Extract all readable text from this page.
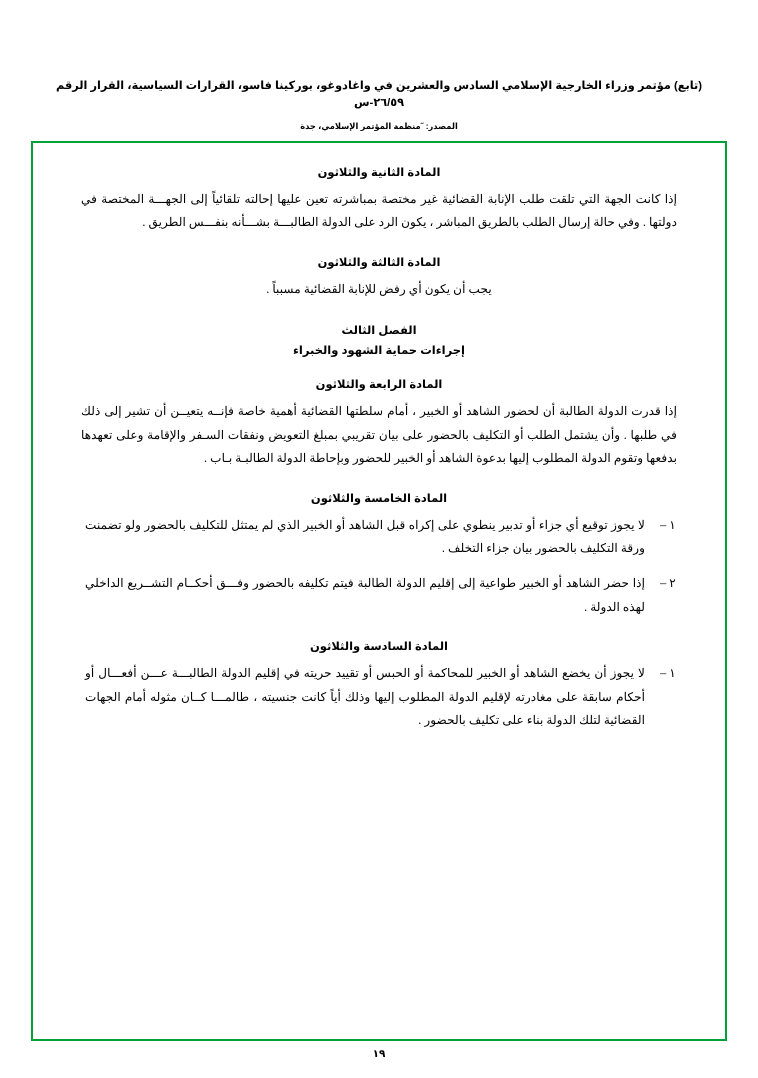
(تابع) مؤتمر وزراء الخارجية الإسلامي السادس والعشرين في واغادوغو، بوركينا فاسو، القرارات السياسية، القرار الرقم ٢٦/٥٩-س
المصدر: ˝منظمة المؤتمر الإسلامي، جدة
المادة الثانية والثلاثون

إذا كانت الجهة التي تلقت طلب الإنابة القضائية غير مختصة بمباشرته تعين عليها إحالته تلقائياً إلى الجهـــة المختصة في دولتها . وفي حالة إرسال الطلب بالطريق المباشر ، يكون الرد على الدولة الطالبـــة بشـــأنه بنفـــس الطريق .

المادة الثالثة والثلاثون

يجب أن يكون أي رفض للإنابة القضائية مسبباً .

الفصل الثالث
إجراءات حماية الشهود والخبراء
المادة الرابعة والثلاثون

إذا قدرت الدولة الطالبة أن لحضور الشاهد أو الخبير ، أمام سلطتها القضائية أهمية خاصة فإنــه يتعيــن أن تشير إلى ذلك في طلبها . وأن يشتمل الطلب أو التكليف بالحضور على بيان تقريبي بمبلغ التعويض ونفقات السـفر والإقامة وعلى تعهدها بدفعها وتقوم الدولة المطلوب إليها بدعوة الشاهد أو الخبير للحضور وبإحاطة الدولة الطالبـة بـاب .

المادة الخامسة والثلاثون
١ –
لا يجوز توقيع أي جزاء أو تدبير ينطوي على إكراه قبل الشاهد أو الخبير الذي لم يمتثل للتكليف بالحضور ولو تضمنت ورقة التكليف بالحضور بيان جزاء التخلف .
٢ –
إذا حضر الشاهد أو الخبير طواعية إلى إقليم الدولة الطالبة فيتم تكليفه بالحضور وفـــق أحكــام التشــريع الداخلي لهذه الدولة .
المادة السادسة والثلاثون
١ –
لا يجوز أن يخضع الشاهد أو الخبير للمحاكمة أو الحبس أو تقييد حريته في إقليم الدولة الطالبـــة عـــن أفعـــال أو أحكام سابقة على مغادرته لإقليم الدولة المطلوب إليها وذلك أياً كانت جنسيته ، طالمـــا كــان مثوله أمام الجهات القضائية لتلك الدولة بناء على تكليف بالحضور .
١٩
